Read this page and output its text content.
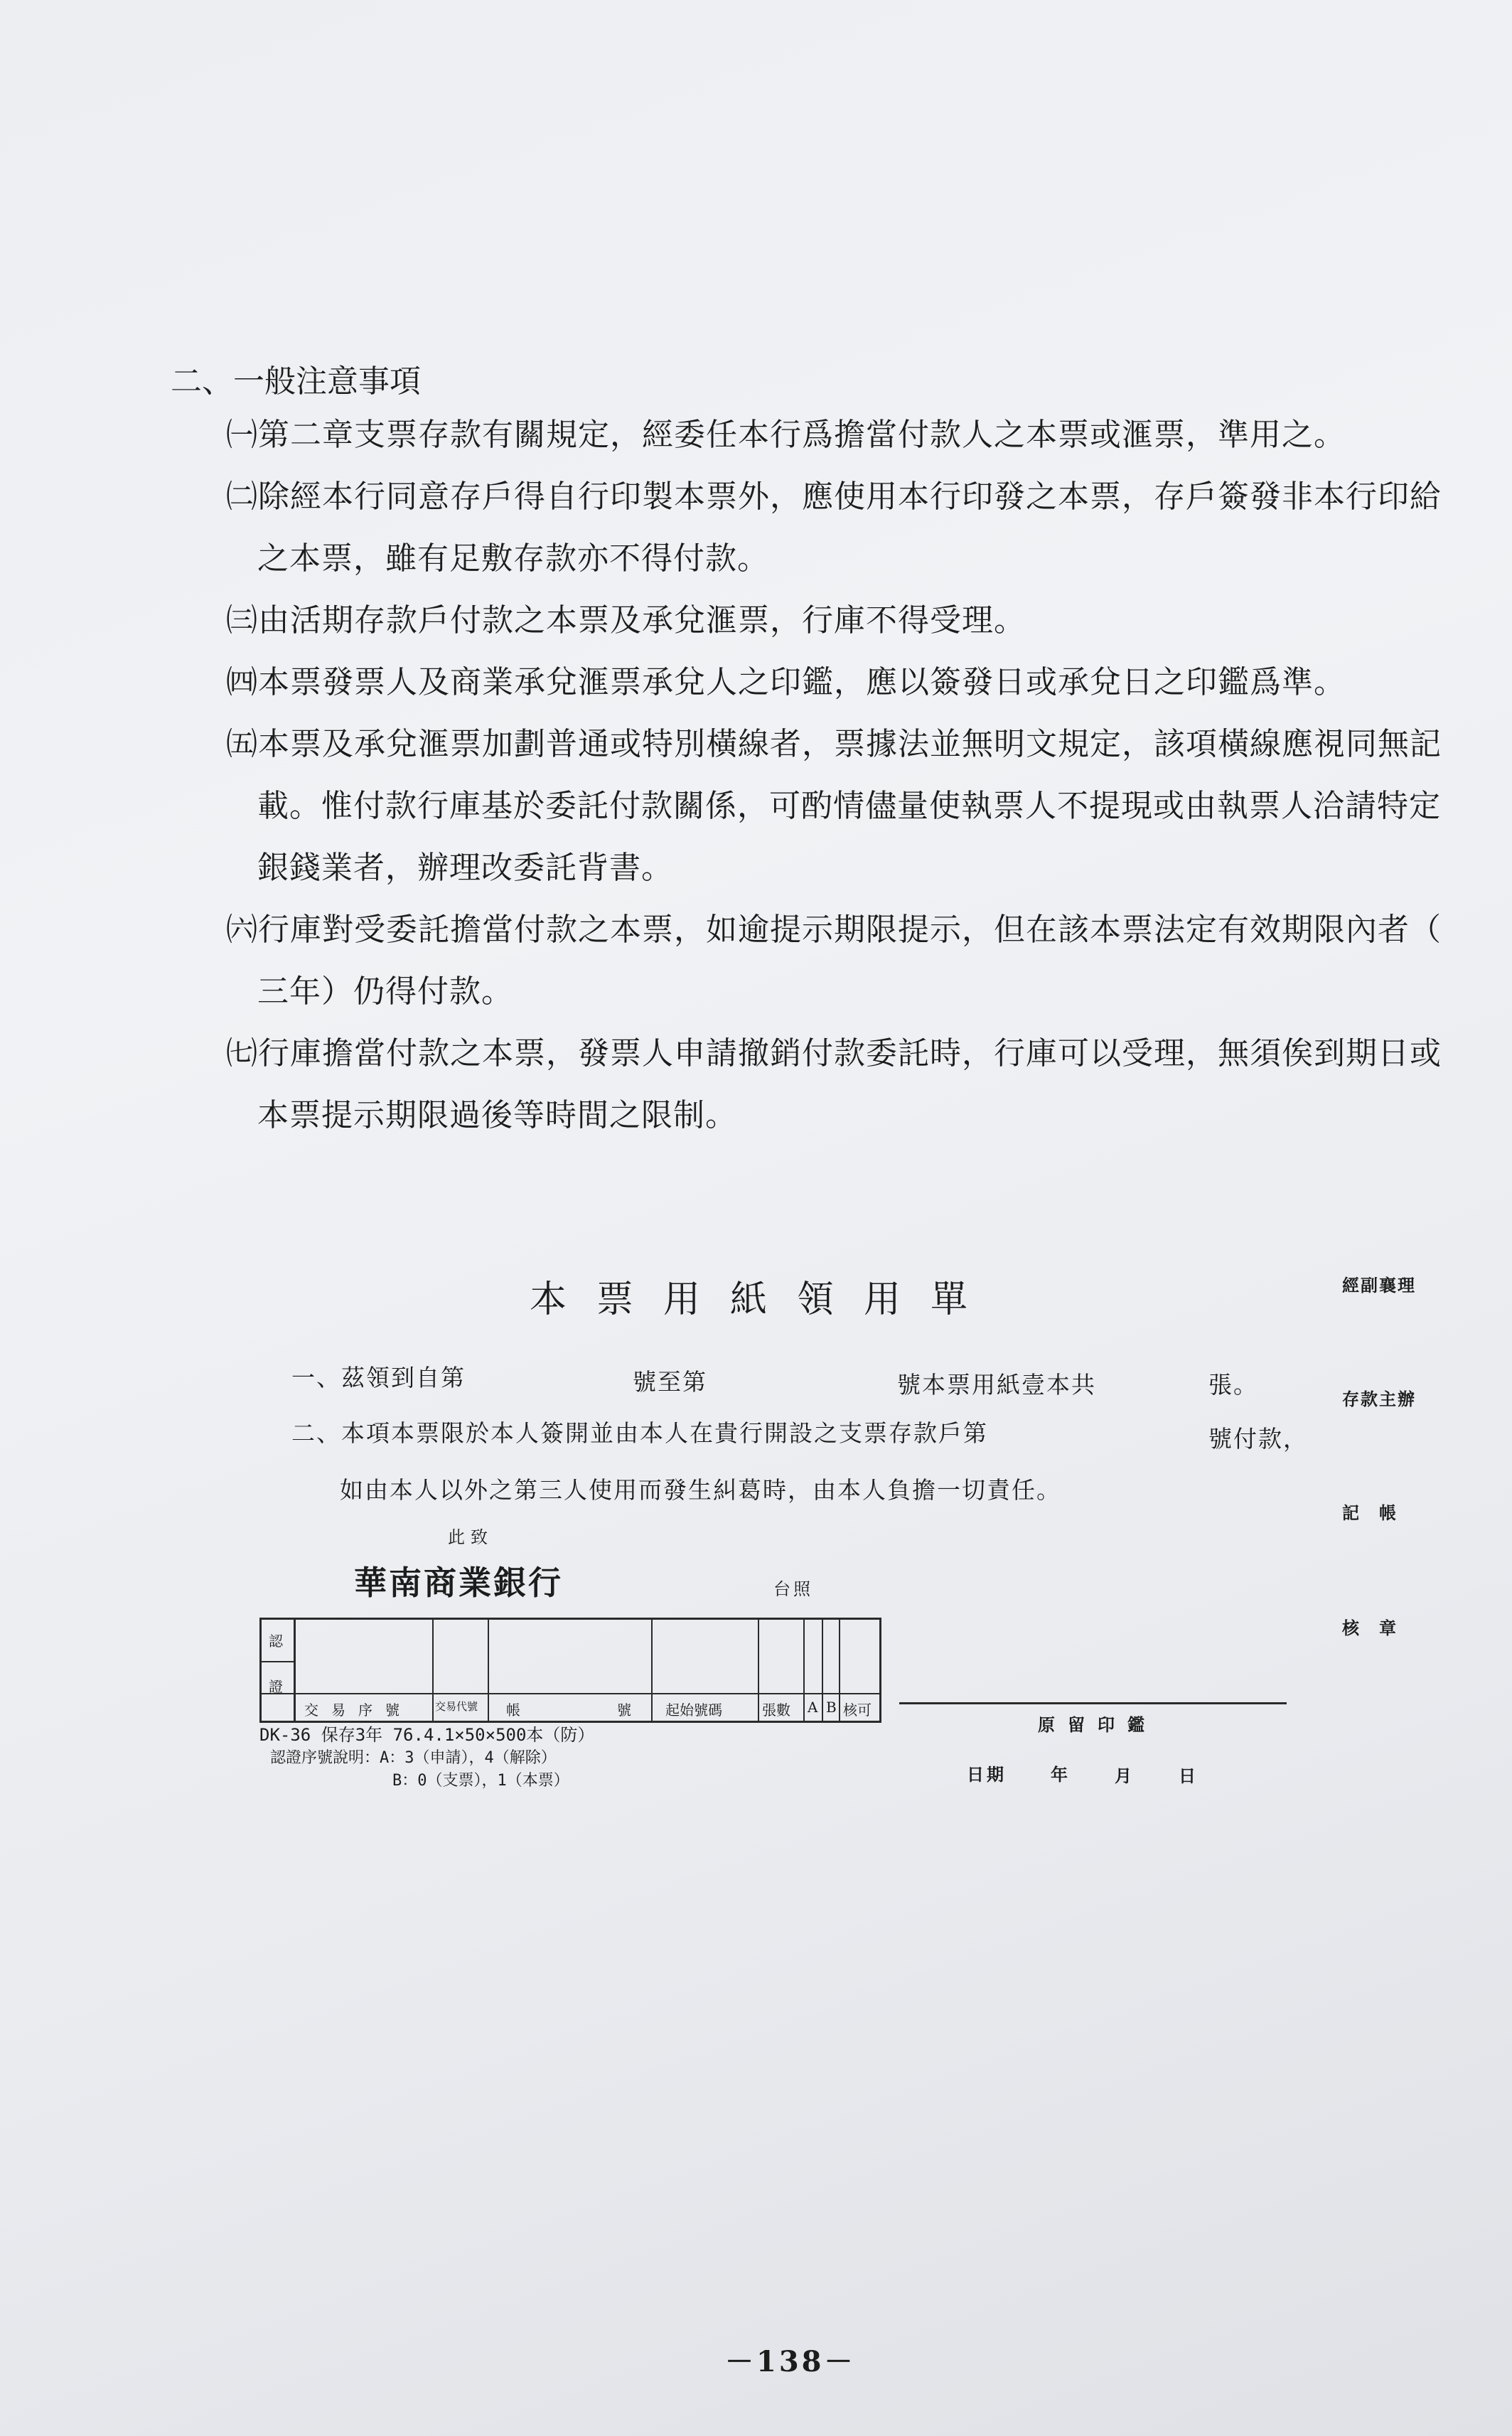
二、一般注意事項
㈠第二章支票存款有關規定，經委任本行爲擔當付款人之本票或滙票，準用之。
㈡除經本行同意存戶得自行印製本票外，應使用本行印發之本票，存戶簽發非本行印給
之本票，雖有足敷存款亦不得付款。
㈢由活期存款戶付款之本票及承兌滙票，行庫不得受理。
㈣本票發票人及商業承兌滙票承兌人之印鑑，應以簽發日或承兌日之印鑑爲準。
㈤本票及承兌滙票加劃普通或特別橫線者，票據法並無明文規定，該項橫線應視同無記
載。惟付款行庫基於委託付款關係，可酌情儘量使執票人不提現或由執票人洽請特定
銀錢業者，辦理改委託背書。
㈥行庫對受委託擔當付款之本票，如逾提示期限提示，但在該本票法定有效期限內者（
三年）仍得付款。
㈦行庫擔當付款之本票，發票人申請撤銷付款委託時，行庫可以受理，無須俟到期日或
本票提示期限過後等時間之限制。
本票用紙領用單
一、茲領到自第	號至第	號本票用紙壹本共	張。
二、本項本票限於本人簽開並由本人在貴行開設之支票存款戶第	號付款，
如由本人以外之第三人使用而發生糾葛時，由本人負擔一切責任。
此致
華南商業銀行	台照
經副襄理
存款主辦
記帳
核章
認
證
交易序號 交易代號 帳	號 起始號碼	張數 A B 核可
DK-36 保存3年 76.4.1×50×500本（防）
認證序號說明：A：3（申請），4（解除）
B：0（支票），1（本票）
原留印鑑
日期	年	月	日
－138－
